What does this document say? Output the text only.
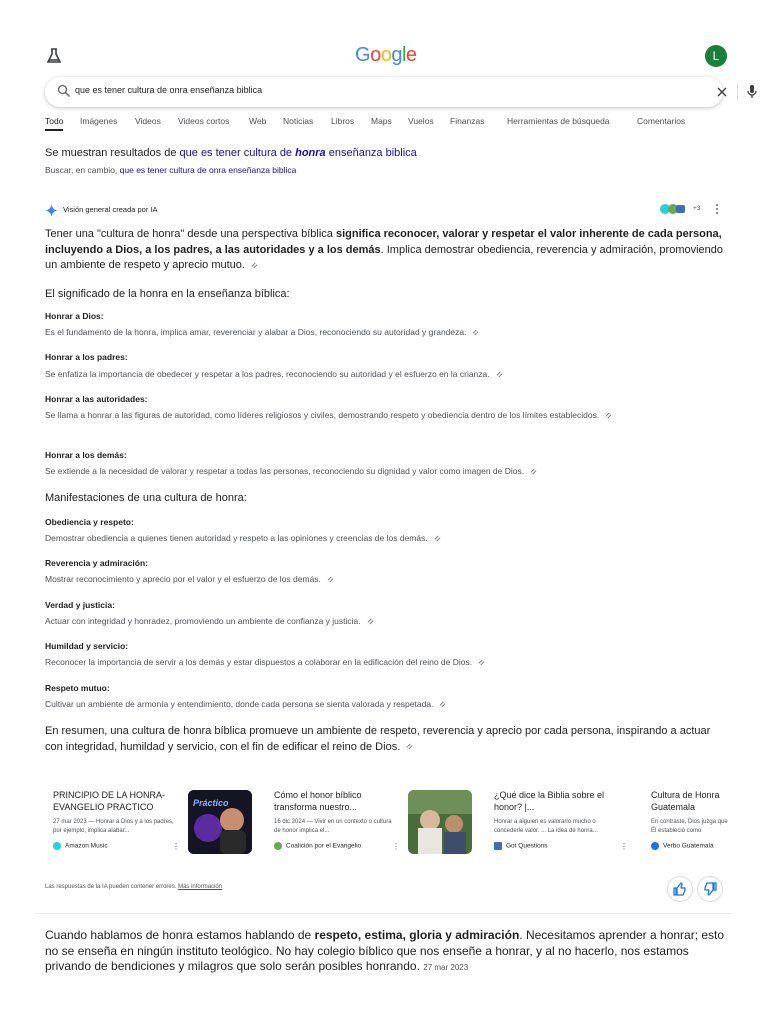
Google	L
que es tener cultura de onra enseñanza biblica
Todo Imágenes Videos Videos cortos Web Noticias Libros Maps Vuelos Finanzas	Herramientas de búsqueda	Comentarios
Se muestran resultados de que es tener cultura de honra enseñanza biblica
Buscar, en cambio, que es tener cultura de onra enseñanza biblica
Visión general creada por IA	+3
Tener una "cultura de honra" desde una perspectiva bíblica significa reconocer, valorar y respetar el valor inherente de cada persona, incluyendo a Dios, a los padres, a las autoridades y a los demás. Implica demostrar obediencia, reverencia y admiración, promoviendo un ambiente de respeto y aprecio mutuo.
El significado de la honra en la enseñanza bíblica:
Honrar a Dios:
Es el fundamento de la honra, implica amar, reverenciar y alabar a Dios, reconociendo su autoridad y grandeza.
Honrar a los padres:
Se enfatiza la importancia de obedecer y respetar a los padres, reconociendo su autoridad y el esfuerzo en la crianza.
Honrar a las autoridades:
Se llama a honrar a las figuras de autoridad, como líderes religiosos y civiles, demostrando respeto y obediencia dentro de los límites establecidos.
Honrar a los demás:
Se extiende a la necesidad de valorar y respetar a todas las personas, reconociendo su dignidad y valor como imagen de Dios.
Manifestaciones de una cultura de honra:
Obediencia y respeto:
Demostrar obediencia a quienes tienen autoridad y respeto a las opiniones y creencias de los demás.
Reverencia y admiración:
Mostrar reconocimiento y aprecio por el valor y el esfuerzo de los demás.
Verdad y justicia:
Actuar con integridad y honradez, promoviendo un ambiente de confianza y justicia.
Humildad y servicio:
Reconocer la importancia de servir a los demás y estar dispuestos a colaborar en la edificación del reino de Dios.
Respeto mutuo:
Cultivar un ambiente de armonía y entendimiento, donde cada persona se sienta valorada y respetada.
En resumen, una cultura de honra bíblica promueve un ambiente de respeto, reverencia y aprecio por cada persona, inspirando a actuar con integridad, humildad y servicio, con el fin de edificar el reino de Dios.
PRINCIPIO DE LA HONRA- EVANGELIO PRACTICO
27 mar 2023 — Honrar a Dios y a los padres, por ejemplo, implica alabar...
Amazon Music	⋮
Práctico
Cómo el honor bíblico transforma nuestro...
16 dic 2024 — Vivir en un contexto o cultura de honor implica el...
Coalición por el Evangelio	⋮
¿Qué dice la Biblia sobre el honor? |...
Honrar a alguien es valorarlo mucho o concederle valor. ... La idea de honra...
Got Questions	⋮
Cultura de Honra Guatemala
En contraste, Dios juzga que Él estableció como
Verbo Guatemala
Las respuestas de la IA pueden contener errores. Más información
Cuando hablamos de honra estamos hablando de respeto, estima, gloria y admiración. Necesitamos aprender a honrar; esto no se enseña en ningún instituto teológico. No hay colegio bíblico que nos enseñe a honrar, y al no hacerlo, nos estamos privando de bendiciones y milagros que solo serán posibles honrando. 27 mar 2023
